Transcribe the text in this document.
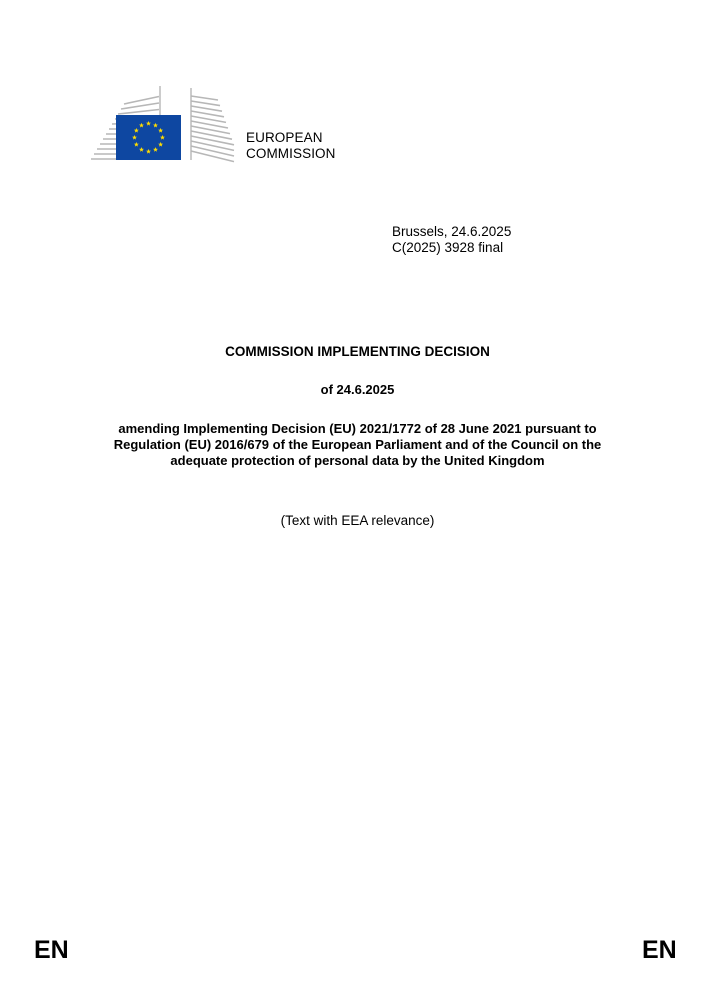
EUROPEAN
COMMISSION
Brussels, 24.6.2025
C(2025) 3928 final
COMMISSION IMPLEMENTING DECISION
of 24.6.2025
amending Implementing Decision (EU) 2021/1772 of 28 June 2021 pursuant to Regulation (EU) 2016/679 of the European Parliament and of the Council on the adequate protection of personal data by the United Kingdom
(Text with EEA relevance)
EN	EN
